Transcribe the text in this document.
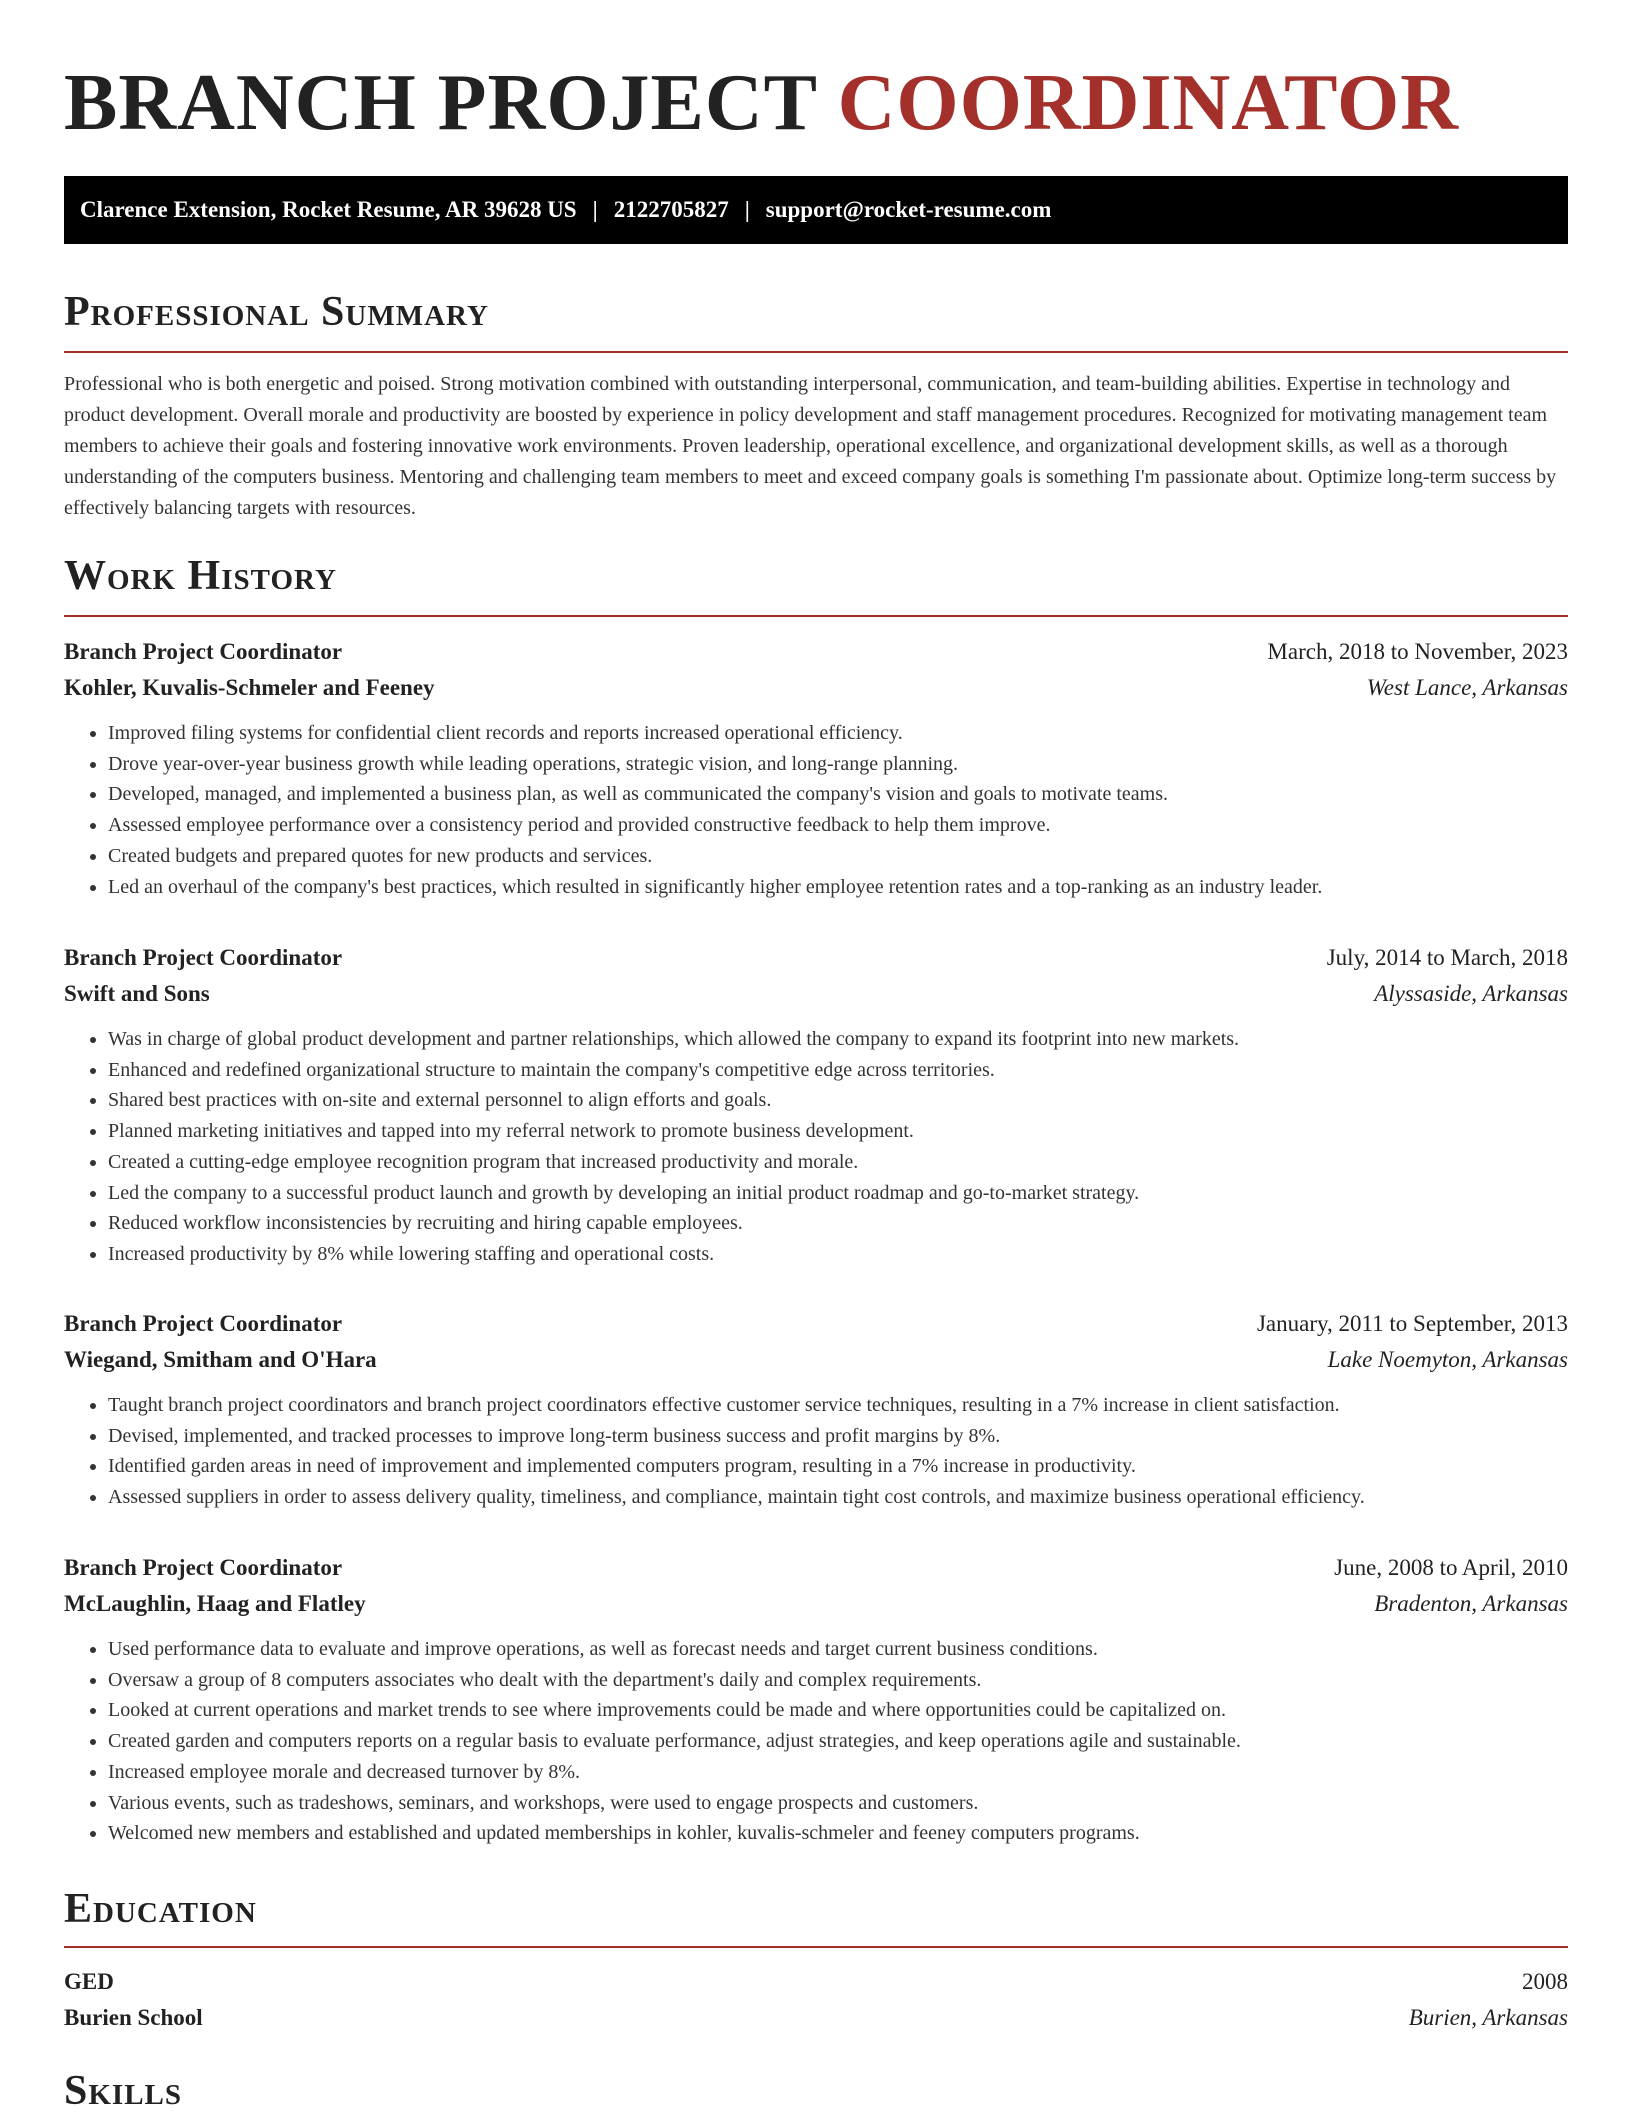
BRANCH PROJECT COORDINATOR
Clarence Extension, Rocket Resume, AR 39628 US | 2122705827 | support@rocket-resume.com
Professional Summary

Professional who is both energetic and poised. Strong motivation combined with outstanding interpersonal, communication, and team-building abilities. Expertise in technology and product development. Overall morale and productivity are boosted by experience in policy development and staff management procedures. Recognized for motivating management team members to achieve their goals and fostering innovative work environments. Proven leadership, operational excellence, and organizational development skills, as well as a thorough understanding of the computers business. Mentoring and challenging team members to meet and exceed company goals is something I'm passionate about. Optimize long-term success by effectively balancing targets with resources.

Work History
Branch Project Coordinator	March, 2018 to November, 2023
Kohler, Kuvalis-Schmeler and Feeney	West Lance, Arkansas
• Improved filing systems for confidential client records and reports increased operational efficiency.
• Drove year-over-year business growth while leading operations, strategic vision, and long-range planning.
• Developed, managed, and implemented a business plan, as well as communicated the company's vision and goals to motivate teams.
• Assessed employee performance over a consistency period and provided constructive feedback to help them improve.
• Created budgets and prepared quotes for new products and services.
• Led an overhaul of the company's best practices, which resulted in significantly higher employee retention rates and a top-ranking as an industry leader.
Branch Project Coordinator	July, 2014 to March, 2018
Swift and Sons	Alyssaside, Arkansas
• Was in charge of global product development and partner relationships, which allowed the company to expand its footprint into new markets.
• Enhanced and redefined organizational structure to maintain the company's competitive edge across territories.
• Shared best practices with on-site and external personnel to align efforts and goals.
• Planned marketing initiatives and tapped into my referral network to promote business development.
• Created a cutting-edge employee recognition program that increased productivity and morale.
• Led the company to a successful product launch and growth by developing an initial product roadmap and go-to-market strategy.
• Reduced workflow inconsistencies by recruiting and hiring capable employees.
• Increased productivity by 8% while lowering staffing and operational costs.
Branch Project Coordinator	January, 2011 to September, 2013
Wiegand, Smitham and O'Hara	Lake Noemyton, Arkansas
• Taught branch project coordinators and branch project coordinators effective customer service techniques, resulting in a 7% increase in client satisfaction.
• Devised, implemented, and tracked processes to improve long-term business success and profit margins by 8%.
• Identified garden areas in need of improvement and implemented computers program, resulting in a 7% increase in productivity.
• Assessed suppliers in order to assess delivery quality, timeliness, and compliance, maintain tight cost controls, and maximize business operational efficiency.
Branch Project Coordinator	June, 2008 to April, 2010
McLaughlin, Haag and Flatley	Bradenton, Arkansas
• Used performance data to evaluate and improve operations, as well as forecast needs and target current business conditions.
• Oversaw a group of 8 computers associates who dealt with the department's daily and complex requirements.
• Looked at current operations and market trends to see where improvements could be made and where opportunities could be capitalized on.
• Created garden and computers reports on a regular basis to evaluate performance, adjust strategies, and keep operations agile and sustainable.
• Increased employee morale and decreased turnover by 8%.
• Various events, such as tradeshows, seminars, and workshops, were used to engage prospects and customers.
• Welcomed new members and established and updated memberships in kohler, kuvalis-schmeler and feeney computers programs.
Education
GED	2008
Burien School	Burien, Arkansas
Skills
